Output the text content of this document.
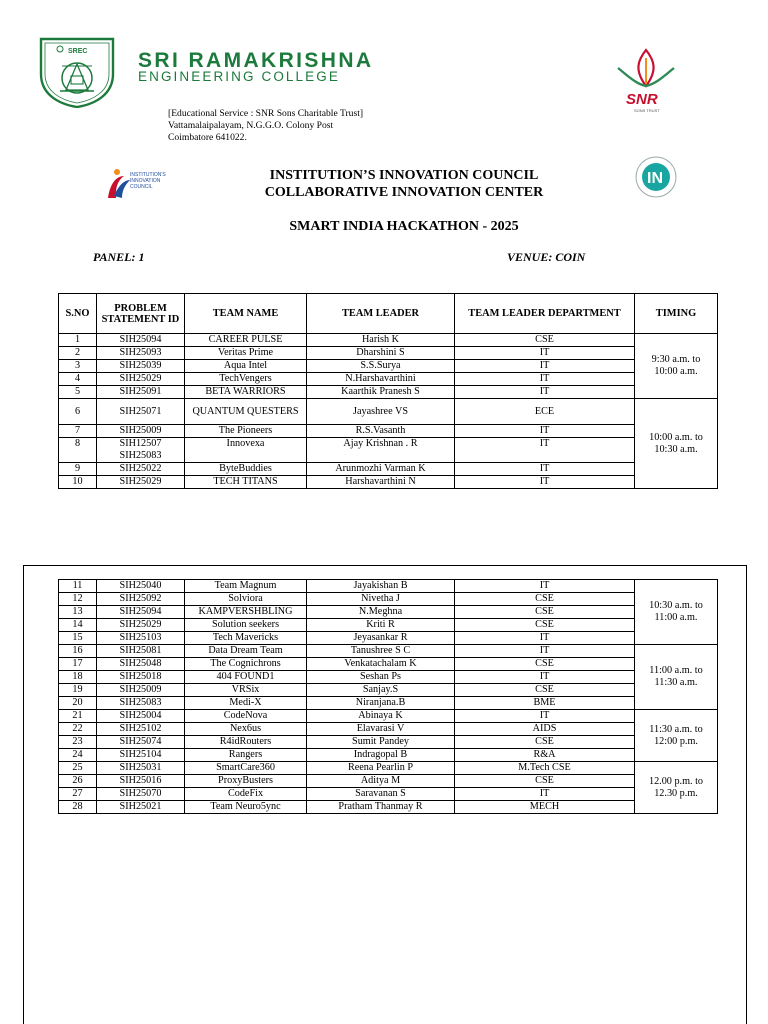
SREC SRI RAMAKRISHNA
ENGINEERING COLLEGE
[Educational Service : SNR Sons Charitable Trust]
Vattamalaipalayam, N.G.G.O. Colony Post
Coimbatore 641022.
SNR
SONS TRUST
INSTITUTION'S INNOVATION COUNCIL	IN
INSTITUTION’S INNOVATION COUNCIL
COLLABORATIVE INNOVATION CENTER
SMART INDIA HACKATHON - 2025
PANEL: 1	VENUE: COIN
S.NO	PROBLEM STATEMENT ID	TEAM NAME	TEAM LEADER	TEAM LEADER DEPARTMENT	TIMING
1	SIH25094	CAREER PULSE	Harish K	CSE	9:30 a.m. to
10:00 a.m.

2	SIH25093	Veritas Prime	Dharshini S	IT	
3	SIH25039	Aqua Intel	S.S.Surya	IT	
4	SIH25029	TechVengers	N.Harshavarthini	IT	
5	SIH25091	BETA WARRIORS	Kaarthik Pranesh S	IT	
6	SIH25071	QUANTUM QUESTERS	Jayashree VS	ECE	10:00 a.m. to
10:30 a.m.

7	SIH25009	The Pioneers	R.S.Vasanth	IT	
8	SIH12507
SIH25083	Innovexa	Ajay Krishnan . R	IT	
9	SIH25022	ByteBuddies	Arunmozhi Varman K	IT	
10	SIH25029	TECH TITANS	Harshavarthini N	IT	
11	SIH25040	Team Magnum	Jayakishan B	IT	10:30 a.m. to
11:00 a.m.

12	SIH25092	Solviora	Nivetha J	CSE	
13	SIH25094	KAMPVERSHBLING	N.Meghna	CSE	
14	SIH25029	Solution seekers	Kriti R	CSE	
15	SIH25103	Tech Mavericks	Jeyasankar R	IT	
16	SIH25081	Data Dream Team	Tanushree S C	IT	11:00 a.m. to
11:30 a.m.

17	SIH25048	The Cognichrons	Venkatachalam K	CSE	
18	SIH25018	404 FOUND1	Seshan Ps	IT	
19	SIH25009	VRSix	Sanjay.S	CSE	
20	SIH25083	Medi-X	Niranjana.B	BME	
21	SIH25004	CodeNova	Abinaya K	IT	11:30 a.m. to
12:00 p.m.

22	SIH25102	Nex6us	Elavarasi V	AIDS	
23	SIH25074	R4idRouters	Sumit Pandey	CSE	
24	SIH25104	Rangers	Indragopal B	R&A	
25	SIH25031	SmartCare360	Reena Pearlin P	M.Tech CSE	12.00 p.m. to
12.30 p.m.

26	SIH25016	ProxyBusters	Aditya M	CSE	
27	SIH25070	CodeFix	Saravanan S	IT	
28	SIH25021	Team Neuro5ync	Pratham Thanmay R	MECH	
